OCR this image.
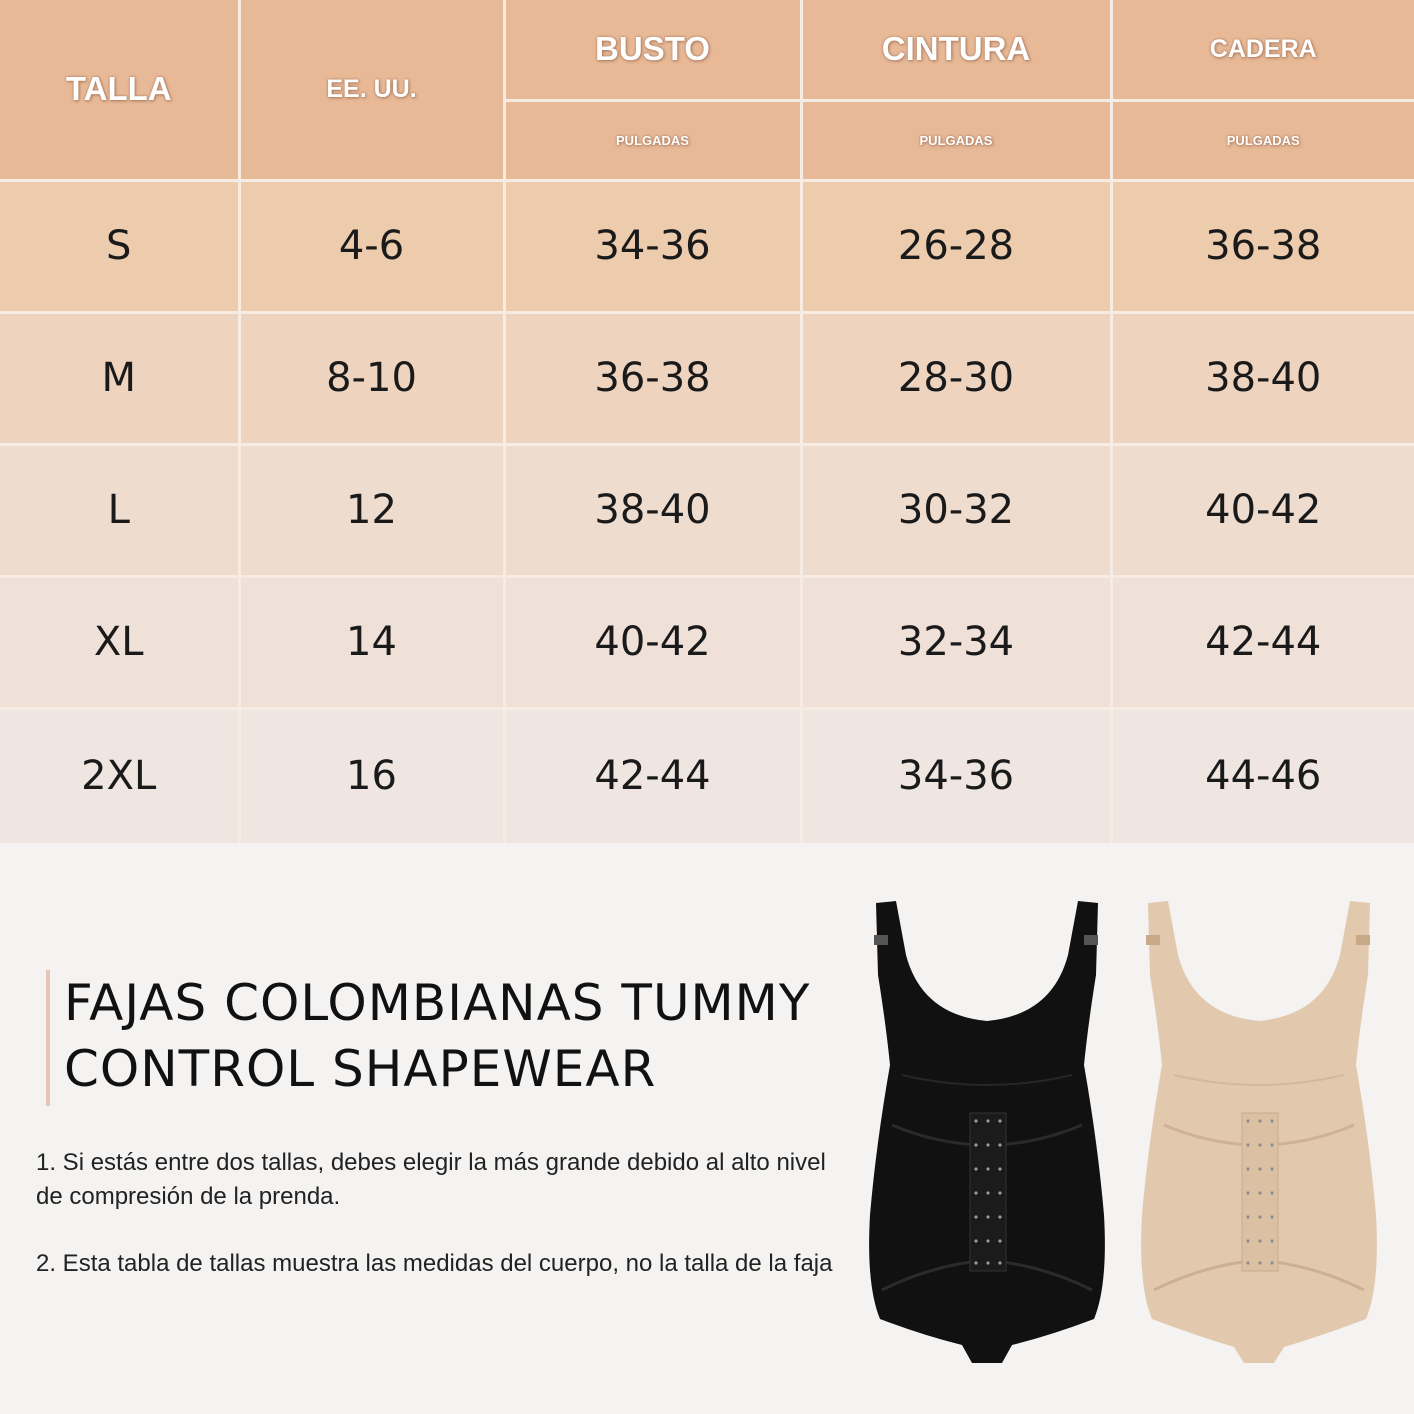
TALLA	EE. UU.	BUSTO	CINTURA	CADERA
		PULGADAS	PULGADAS	PULGADAS
S	4-6	34-36	26-28	36-38
M	8-10	36-38	28-30	38-40
L	12	38-40	30-32	40-42
XL	14	40-42	32-34	42-44
2XL	16	42-44	34-36	44-46
FAJAS COLOMBIANAS TUMMY
CONTROL SHAPEWEAR

1. Si estás entre dos tallas, debes elegir la más grande debido al alto nivel de compresión de la prenda.

2. Esta tabla de tallas muestra las medidas del cuerpo, no la talla de la faja
